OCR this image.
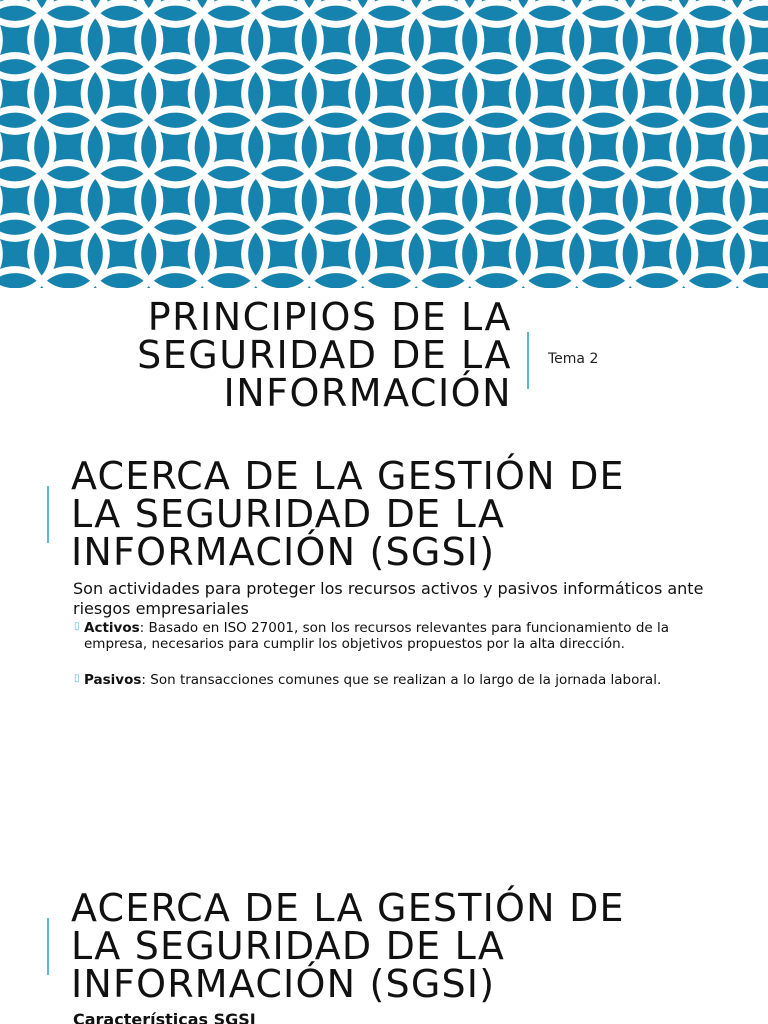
PRINCIPIOS DE LA
SEGURIDAD DE LA
INFORMACIÓN
Tema 2
ACERCA DE LA GESTIÓN DE
LA SEGURIDAD DE LA
INFORMACIÓN (SGSI)
Son actividades para proteger los recursos activos y pasivos informáticos ante riesgos empresariales
▯ Activos: Basado en ISO 27001, son los recursos relevantes para funcionamiento de la empresa, necesarios para cumplir los objetivos propuestos por la alta dirección.
▯ Pasivos: Son transacciones comunes que se realizan a lo largo de la jornada laboral.
ACERCA DE LA GESTIÓN DE
LA SEGURIDAD DE LA
INFORMACIÓN (SGSI)
Características SGSI
